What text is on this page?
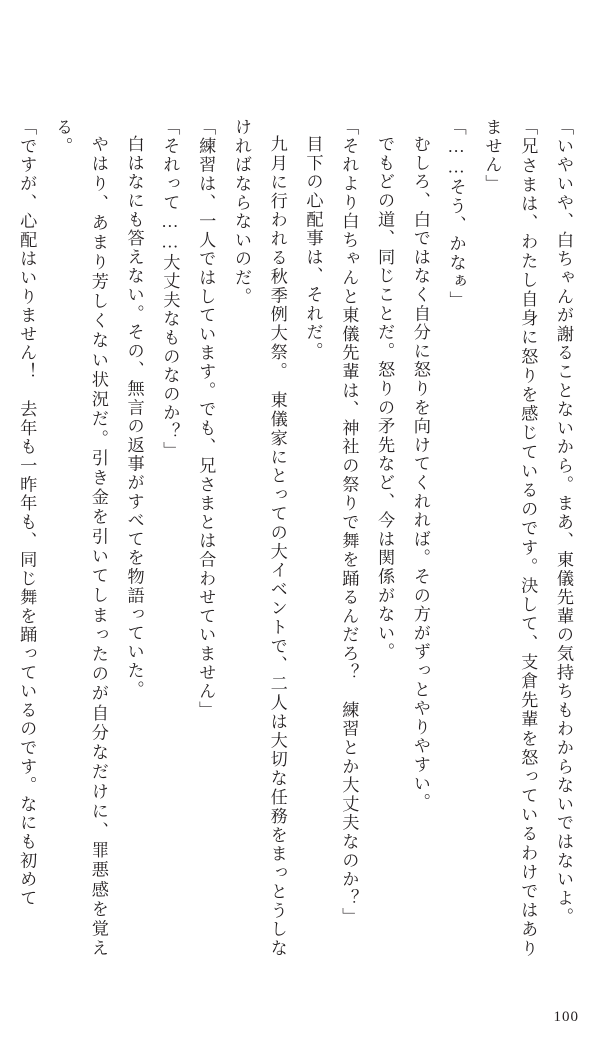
「いやいや、白ちゃんが謝ることないから。まあ、東儀先輩の気持ちもわからないではないよ。

「兄さまは、わたし自身に怒りを感じているのです。決して、支倉先輩を怒っているわけではありません」

「……そう、かなぁ」

むしろ、白ではなく自分に怒りを向けてくれれば。その方がずっとやりやすい。

でもどの道、同じことだ。怒りの矛先など、今は関係がない。

「それより白ちゃんと東儀先輩は、神社の祭りで舞を踊るんだろ？　練習とか大丈夫なのか？」

目下の心配事は、それだ。

九月に行われる秋季例大祭。　東儀家にとっての大イベントで、二人は大切な任務をまっとうしなければならないのだ。

「練習は、一人ではしています。でも、兄さまとは合わせていません」

「それって……大丈夫なものなのか？」

白はなにも答えない。その、無言の返事がすべてを物語っていた。

やはり、あまり芳しくない状況だ。引き金を引いてしまったのが自分なだけに、罪悪感を覚える。

「ですが、心配はいりません！　去年も一昨年も、同じ舞を踊っているのです。なにも初めて

100
